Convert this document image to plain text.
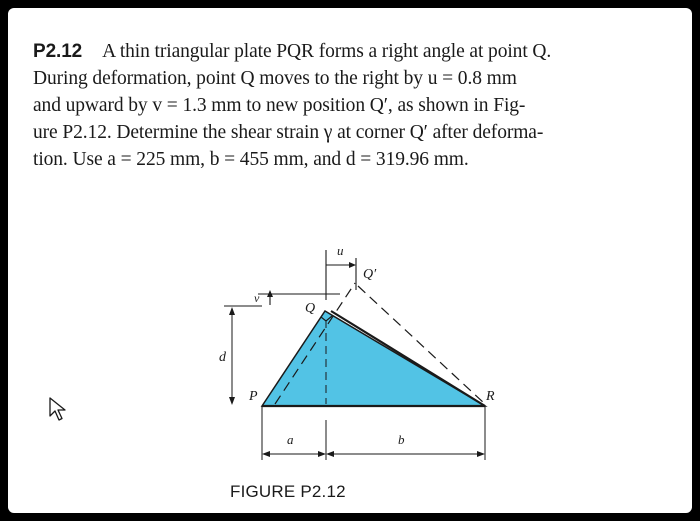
P2.12 A thin triangular plate PQR forms a right angle at point Q.
During deformation, point Q moves to the right by u = 0.8 mm
and upward by v = 1.3 mm to new position Q′, as shown in Fig-
ure P2.12. Determine the shear strain γ at corner Q′ after deforma-
tion. Use a = 225 mm, b = 455 mm, and d = 319.96 mm.
u
v
Q
Q′
d
P	R
a	b
FIGURE P2.12
